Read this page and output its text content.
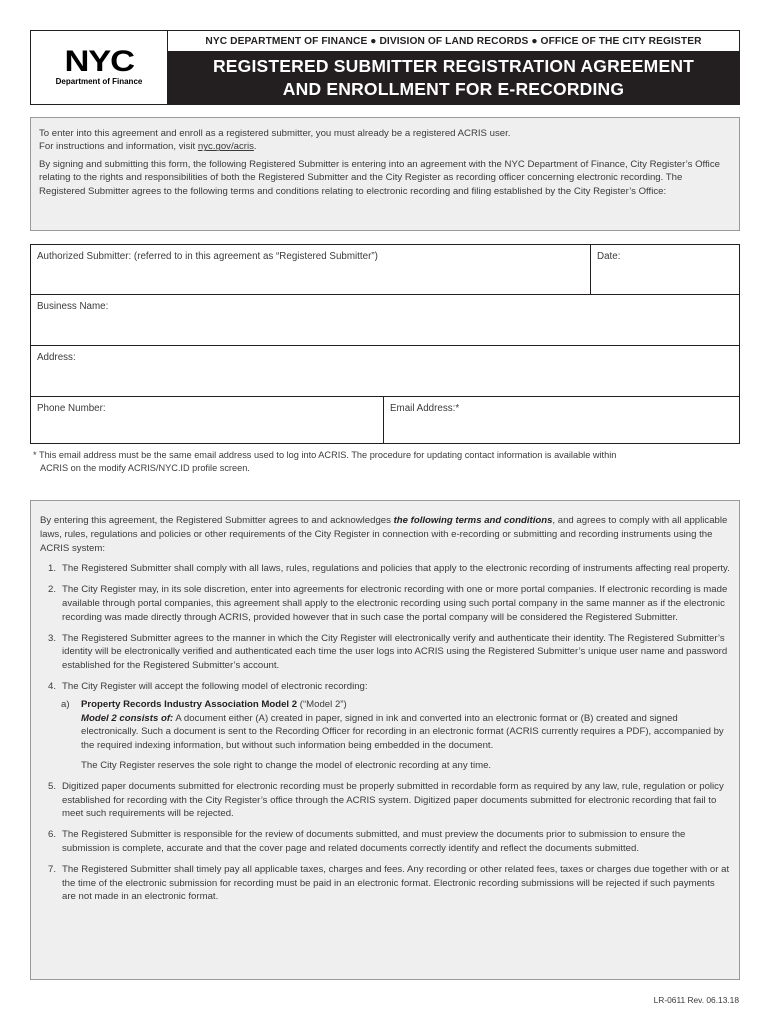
NYC
Department of Finance
NYC DEPARTMENT OF FINANCE ● DIVISION OF LAND RECORDS ● OFFICE OF THE CITY REGISTER
REGISTERED SUBMITTER REGISTRATION AGREEMENT
AND ENROLLMENT FOR E-RECORDING

To enter into this agreement and enroll as a registered submitter, you must already be a registered ACRIS user.
For instructions and information, visit nyc.gov/acris.

By signing and submitting this form, the following Registered Submitter is entering into an agreement with the NYC Department of Finance, City Register’s Office relating to the rights and responsibilities of both the Registered Submitter and the City Register as recording officer concerning electronic recording. The Registered Submitter agrees to the following terms and conditions relating to electronic recording and filing established by the City Register’s Office:

Authorized Submitter: (referred to in this agreement as “Registered Submitter”)	Date:
Business Name:
Address:
Phone Number:	Email Address:*
* This email address must be the same email address used to log into ACRIS. The procedure for updating contact information is available within
ACRIS on the modify ACRIS/NYC.ID profile screen.

By entering this agreement, the Registered Submitter agrees to and acknowledges the following terms and conditions, and agrees to comply with all applicable laws, rules, regulations and policies or other requirements of the City Register in connection with e-recording or submitting and recording instruments using the ACRIS system:

1. The Registered Submitter shall comply with all laws, rules, regulations and policies that apply to the electronic recording of instruments affecting real property.
2. The City Register may, in its sole discretion, enter into agreements for electronic recording with one or more portal companies. If electronic recording is made available through portal companies, this agreement shall apply to the electronic recording using such portal company in the same manner as if the electronic recording was made directly through ACRIS, provided however that in such case the portal company will be considered the Registered Submitter.
3. The Registered Submitter agrees to the manner in which the City Register will electronically verify and authenticate their identity. The Registered Submitter’s identity will be electronically verified and authenticated each time the user logs into ACRIS using the Registered Submitter’s unique user name and password established for the Registered Submitter’s account.
4. The City Register will accept the following model of electronic recording:
a)	Property Records Industry Association Model 2 (“Model 2”)
Model 2 consists of: A document either (A) created in paper, signed in ink and converted into an electronic format or (B) created and signed electronically. Such a document is sent to the Recording Officer for recording in an electronic format (ACRIS currently requires a PDF), accompanied by the required indexing information, but without such information being embedded in the document.

The City Register reserves the sole right to change the model of electronic recording at any time.

5. Digitized paper documents submitted for electronic recording must be properly submitted in recordable form as required by any law, rule, regulation or policy established for recording with the City Register’s office through the ACRIS system. Digitized paper documents submitted for electronic recording that fail to meet such requirements will be rejected.
6. The Registered Submitter is responsible for the review of documents submitted, and must preview the documents prior to submission to ensure the submission is complete, accurate and that the cover page and related documents correctly identify and reflect the documents submitted.
7. The Registered Submitter shall timely pay all applicable taxes, charges and fees. Any recording or other related fees, taxes or charges due together with or at the time of the electronic submission for recording must be paid in an electronic format. Electronic recording submissions will be rejected if such payments are not made in an electronic format.
LR-0611 Rev. 06.13.18
